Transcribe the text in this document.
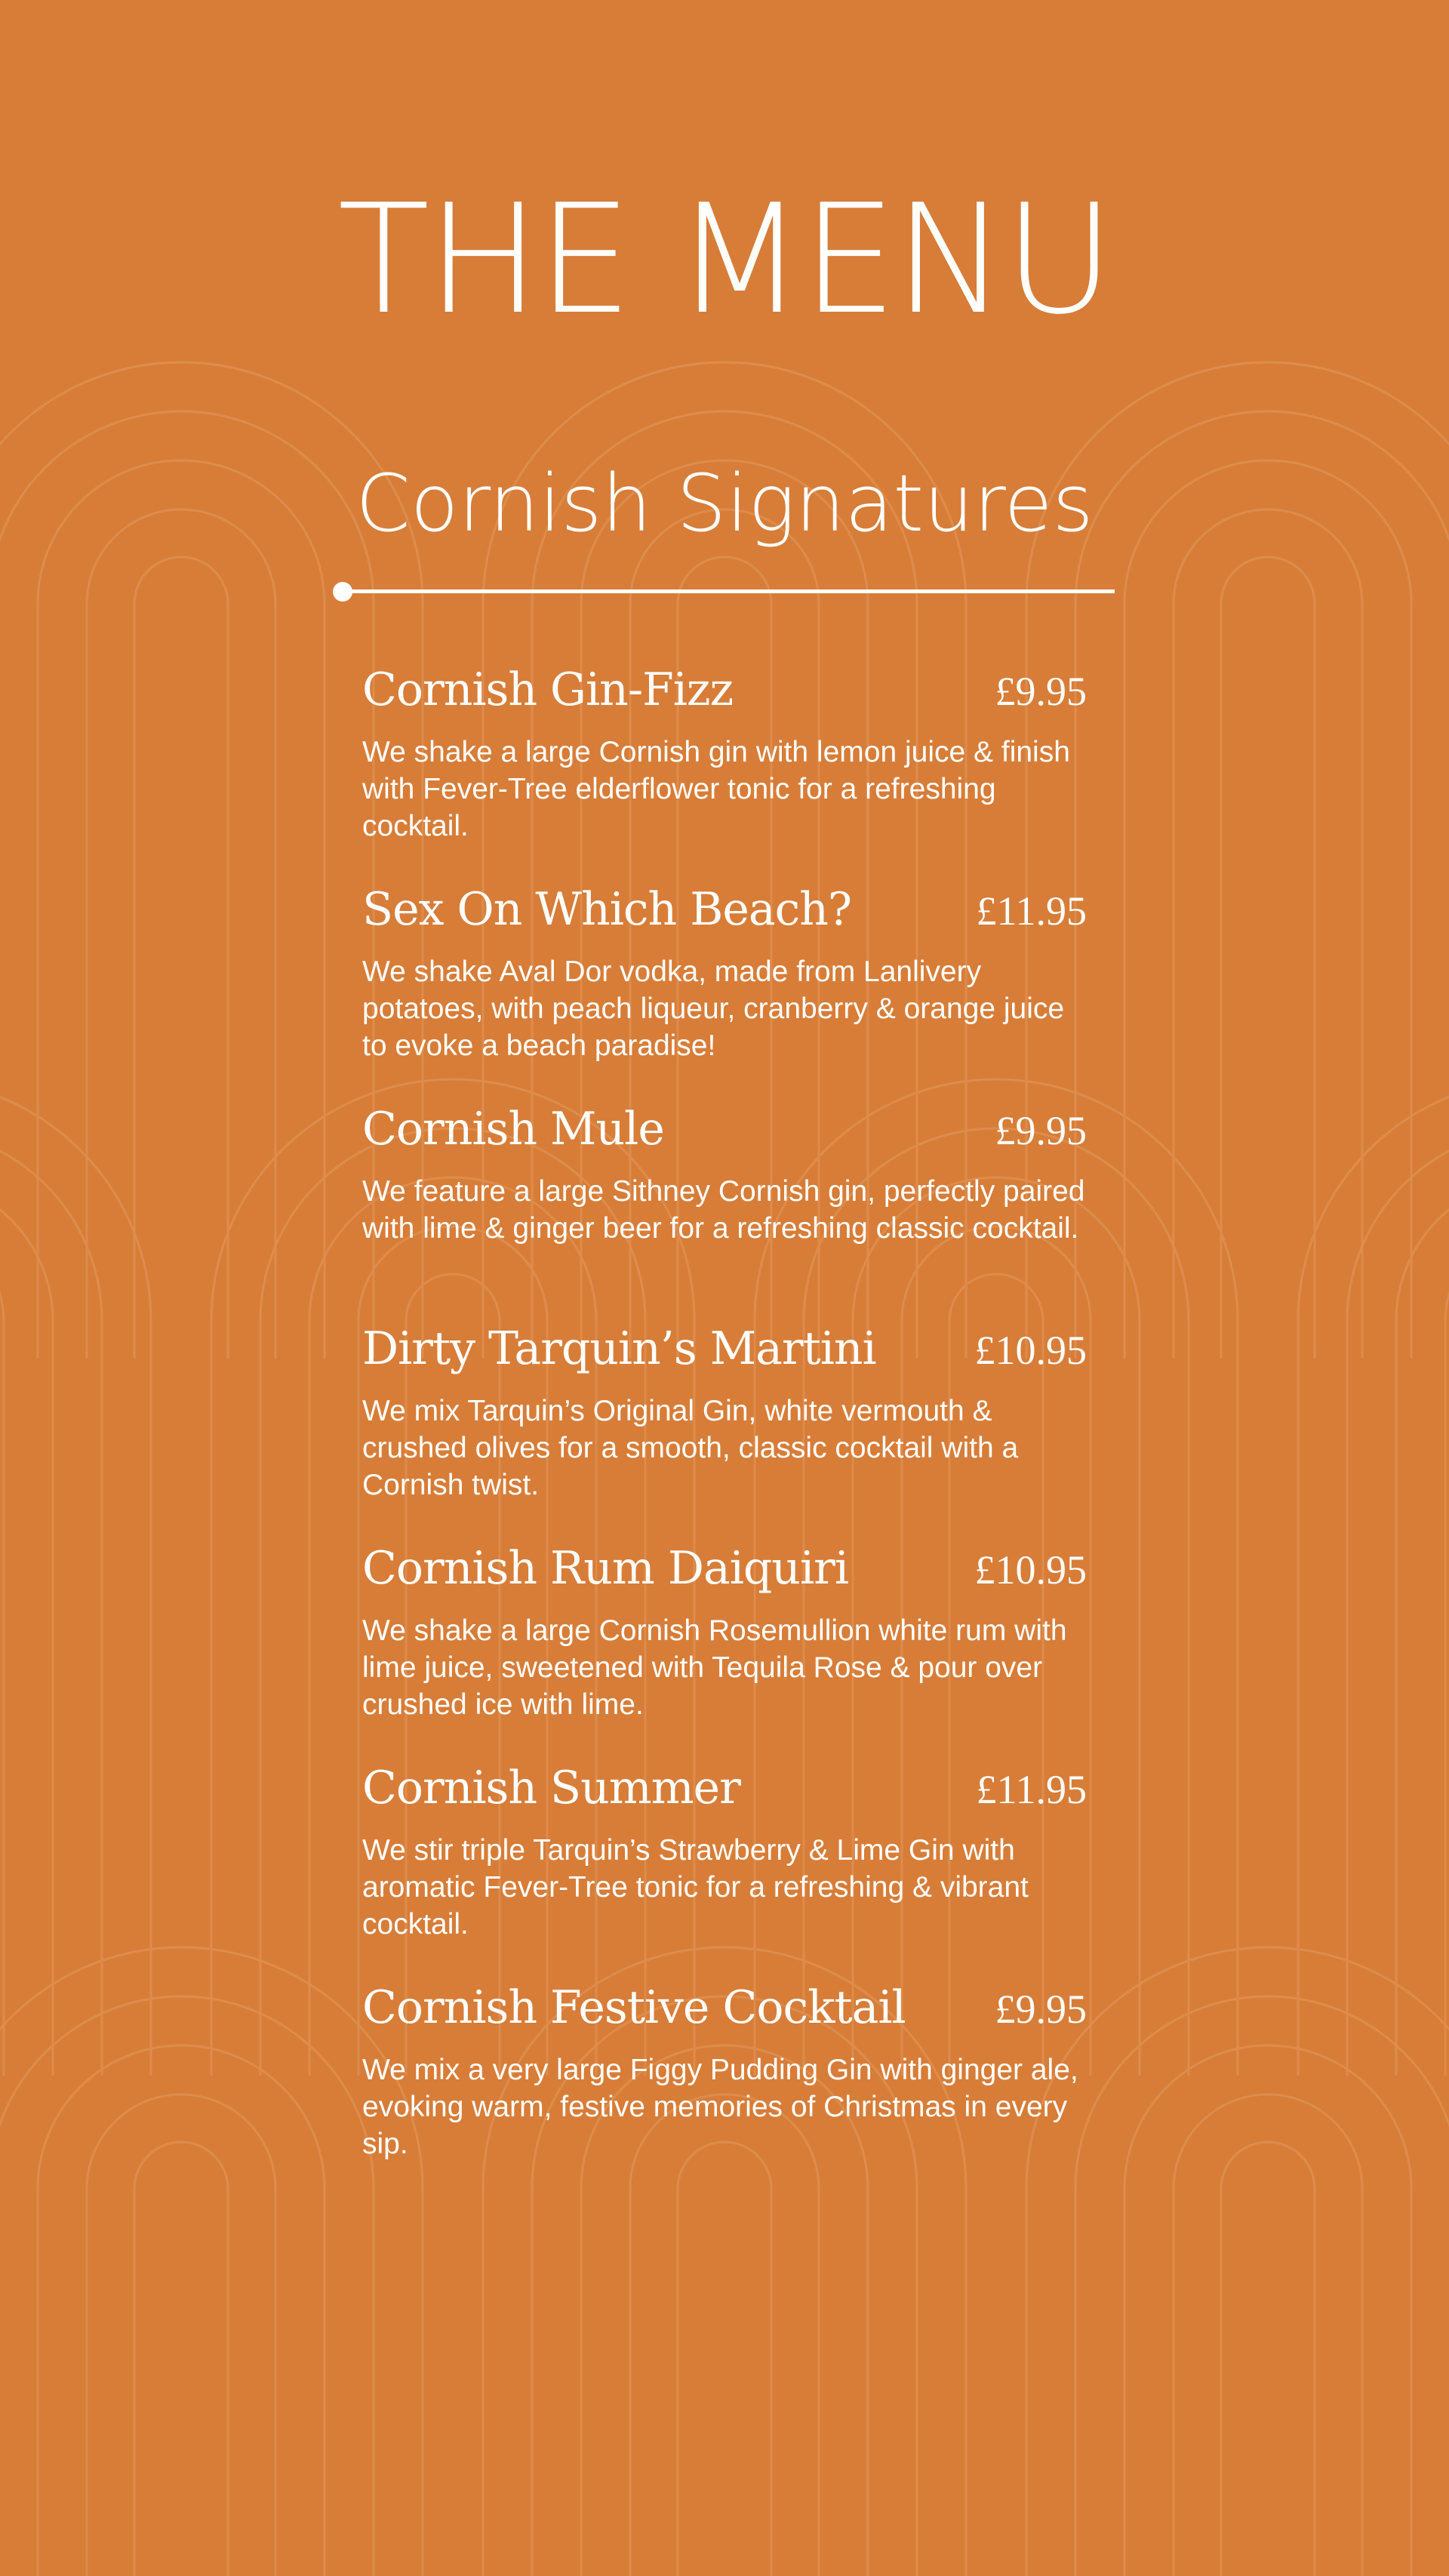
THE MENU
Cornish Signatures
Cornish Gin-Fizz	£9.95

We shake a large Cornish gin with lemon juice & finish with Fever-Tree elderflower tonic for a refreshing cocktail.

Sex On Which Beach?	£11.95

We shake Aval Dor vodka, made from Lanlivery potatoes, with peach liqueur, cranberry & orange juice to evoke a beach paradise!

Cornish Mule	£9.95

We feature a large Sithney Cornish gin, perfectly paired with lime & ginger beer for a refreshing classic cocktail.

Dirty Tarquin’s Martini £10.95

We mix Tarquin’s Original Gin, white vermouth & crushed olives for a smooth, classic cocktail with a Cornish twist.

Cornish Rum Daiquiri	£10.95

We shake a large Cornish Rosemullion white rum with lime juice, sweetened with Tequila Rose & pour over crushed ice with lime.

Cornish Summer	£11.95

We stir triple Tarquin’s Strawberry & Lime Gin with aromatic Fever-Tree tonic for a refreshing & vibrant cocktail.

Cornish Festive Cocktail £9.95

We mix a very large Figgy Pudding Gin with ginger ale, evoking warm, festive memories of Christmas in every sip.
